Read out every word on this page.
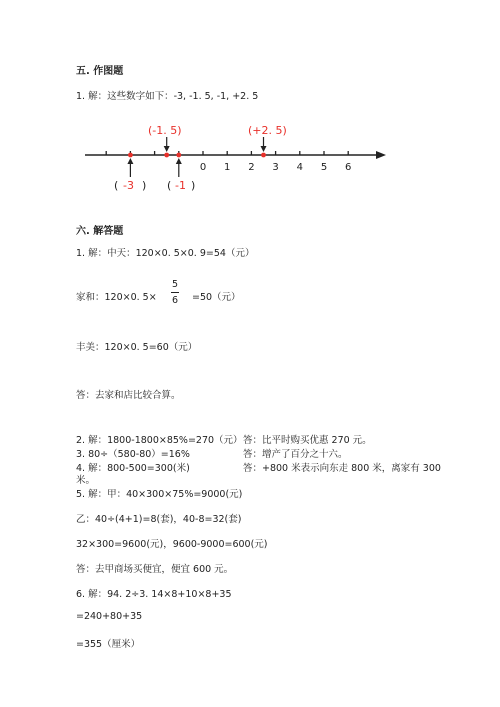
五. 作图题
1. 解：这些数字如下：-3, -1. 5, -1, +2. 5
0 1 2 3 4 5 6
(-1. 5)	(+2. 5)
( -3 ) ( -1 )
六. 解答题
1. 解：中天：120×0. 5×0. 9=54（元）
家和：120×0. 5×
5
6	=50（元）
丰美：120×0. 5=60（元）
答：去家和店比较合算。
2. 解：1800-1800×85%=270（元） 答：比平时购买优惠 270 元。
3. 80÷（580-80）=16%	答：增产了百分之十六。
4. 解：800-500=300(米)	答：+800 米表示向东走 800 米，离家有 300
米。
5. 解：甲：40×300×75%=9000(元)
乙：40÷(4+1)=8(套)，40-8=32(套)
32×300=9600(元)，9600-9000=600(元)
答：去甲商场买便宜，便宜 600 元。
6. 解：94. 2÷3. 14×8+10×8+35
=240+80+35
=355（厘米）
